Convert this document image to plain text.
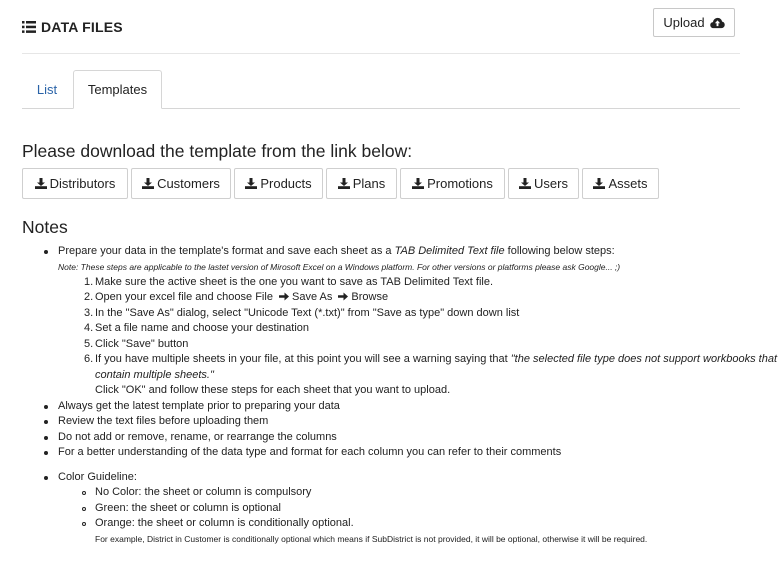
DATA FILES	Upload
List	Templates
Please download the template from the link below:
Distributors	Customers	Products	Plans	Promotions	Users	Assets
Notes
Prepare your data in the template's format and save each sheet as a TAB Delimited Text file following below steps:
Note: These steps are applicable to the lastet version of Mirosoft Excel on a Windows platform. For other versions or platforms please ask Google... ;)
1. Make sure the active sheet is the one you want to save as TAB Delimited Text file.
2. Open your excel file and choose File Save As Browse
3. In the "Save As" dialog, select "Unicode Text (*.txt)" from "Save as type" down down list
4. Set a file name and choose your destination
5. Click "Save" button
6. If you have multiple sheets in your file, at this point you will see a warning saying that "the selected file type does not support workbooks that contain multiple sheets."
Click "OK" and follow these steps for each sheet that you want to upload.
Always get the latest template prior to preparing your data
Review the text files before uploading them
Do not add or remove, rename, or rearrange the columns
For a better understanding of the data type and format for each column you can refer to their comments
Color Guideline:
No Color: the sheet or column is compulsory
Green: the sheet or column is optional
Orange: the sheet or column is conditionally optional.
For example, District in Customer is conditionally optional which means if SubDistrict is not provided, it will be optional, otherwise it will be required.
